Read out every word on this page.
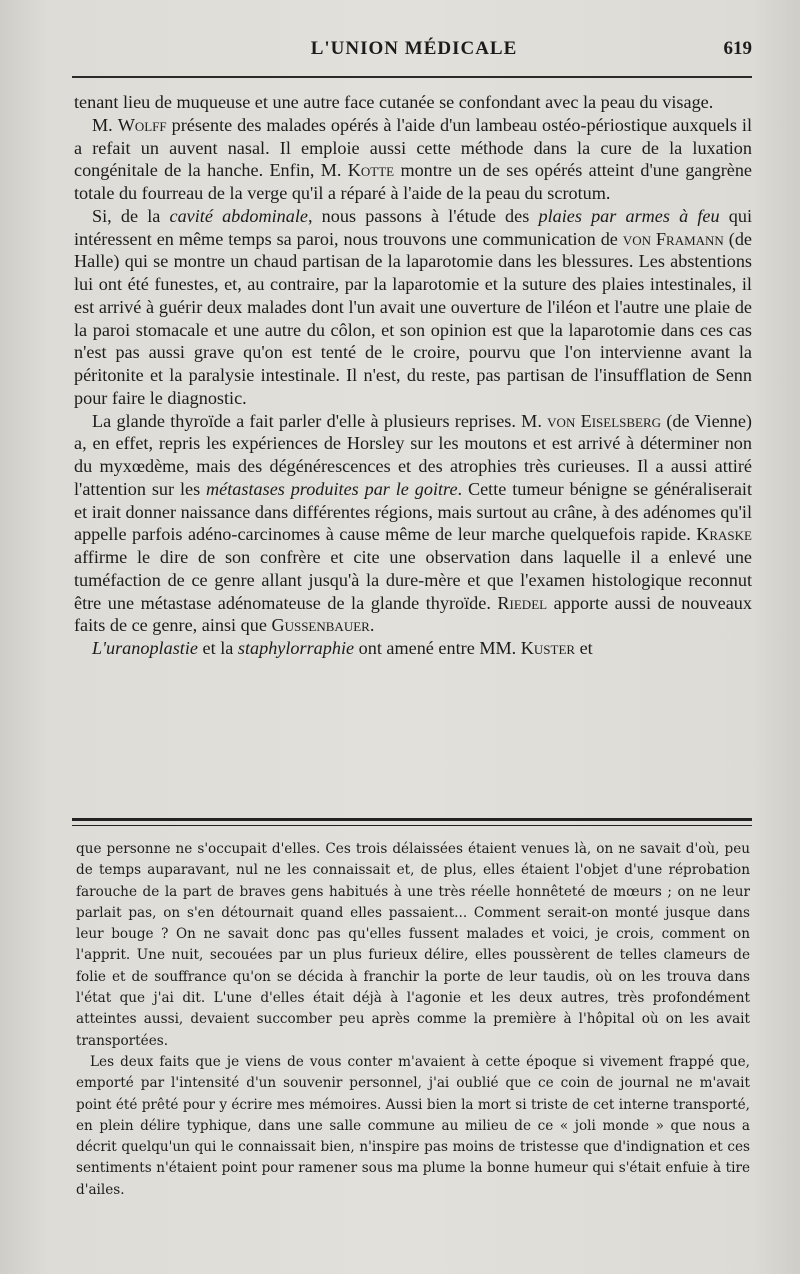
L'UNION MÉDICALE	619

tenant lieu de muqueuse et une autre face cutanée se confondant avec la peau du visage.

M. Wolff présente des malades opérés à l'aide d'un lambeau ostéo-périostique auxquels il a refait un auvent nasal. Il emploie aussi cette méthode dans la cure de la luxation congénitale de la hanche. Enfin, M. Kotte montre un de ses opérés atteint d'une gangrène totale du fourreau de la verge qu'il a réparé à l'aide de la peau du scrotum.

Si, de la cavité abdominale, nous passons à l'étude des plaies par armes à feu qui intéressent en même temps sa paroi, nous trouvons une communication de von Framann (de Halle) qui se montre un chaud partisan de la laparotomie dans les blessures. Les abstentions lui ont été funestes, et, au contraire, par la laparotomie et la suture des plaies intestinales, il est arrivé à guérir deux malades dont l'un avait une ouverture de l'iléon et l'autre une plaie de la paroi stomacale et une autre du côlon, et son opinion est que la laparotomie dans ces cas n'est pas aussi grave qu'on est tenté de le croire, pourvu que l'on intervienne avant la péritonite et la paralysie intestinale. Il n'est, du reste, pas partisan de l'insufflation de Senn pour faire le diagnostic.

La glande thyroïde a fait parler d'elle à plusieurs reprises. M. von Eiselsberg (de Vienne) a, en effet, repris les expériences de Horsley sur les moutons et est arrivé à déterminer non du myxœdème, mais des dégénérescences et des atrophies très curieuses. Il a aussi attiré l'attention sur les métastases produites par le goitre. Cette tumeur bénigne se généraliserait et irait donner naissance dans différentes régions, mais surtout au crâne, à des adénomes qu'il appelle parfois adéno-carcinomes à cause même de leur marche quelquefois rapide. Kraske affirme le dire de son confrère et cite une observation dans laquelle il a enlevé une tuméfaction de ce genre allant jusqu'à la dure-mère et que l'examen histologique reconnut être une métastase adénomateuse de la glande thyroïde. Riedel apporte aussi de nouveaux faits de ce genre, ainsi que Gussenbauer.

L'uranoplastie et la staphylorraphie ont amené entre MM. Kuster et

que personne ne s'occupait d'elles. Ces trois délaissées étaient venues là, on ne savait d'où, peu de temps auparavant, nul ne les connaissait et, de plus, elles étaient l'objet d'une réprobation farouche de la part de braves gens habitués à une très réelle honnêteté de mœurs ; on ne leur parlait pas, on s'en détournait quand elles passaient... Comment serait-on monté jusque dans leur bouge ? On ne savait donc pas qu'elles fussent malades et voici, je crois, comment on l'apprit. Une nuit, secouées par un plus furieux délire, elles poussèrent de telles clameurs de folie et de souffrance qu'on se décida à franchir la porte de leur taudis, où on les trouva dans l'état que j'ai dit. L'une d'elles était déjà à l'agonie et les deux autres, très profondément atteintes aussi, devaient succomber peu après comme la première à l'hôpital où on les avait transportées.

Les deux faits que je viens de vous conter m'avaient à cette époque si vivement frappé que, emporté par l'intensité d'un souvenir personnel, j'ai oublié que ce coin de journal ne m'avait point été prêté pour y écrire mes mémoires. Aussi bien la mort si triste de cet interne transporté, en plein délire typhique, dans une salle commune au milieu de ce « joli monde » que nous a décrit quelqu'un qui le connaissait bien, n'inspire pas moins de tristesse que d'indignation et ces sentiments n'étaient point pour ramener sous ma plume la bonne humeur qui s'était enfuie à tire d'ailes.
